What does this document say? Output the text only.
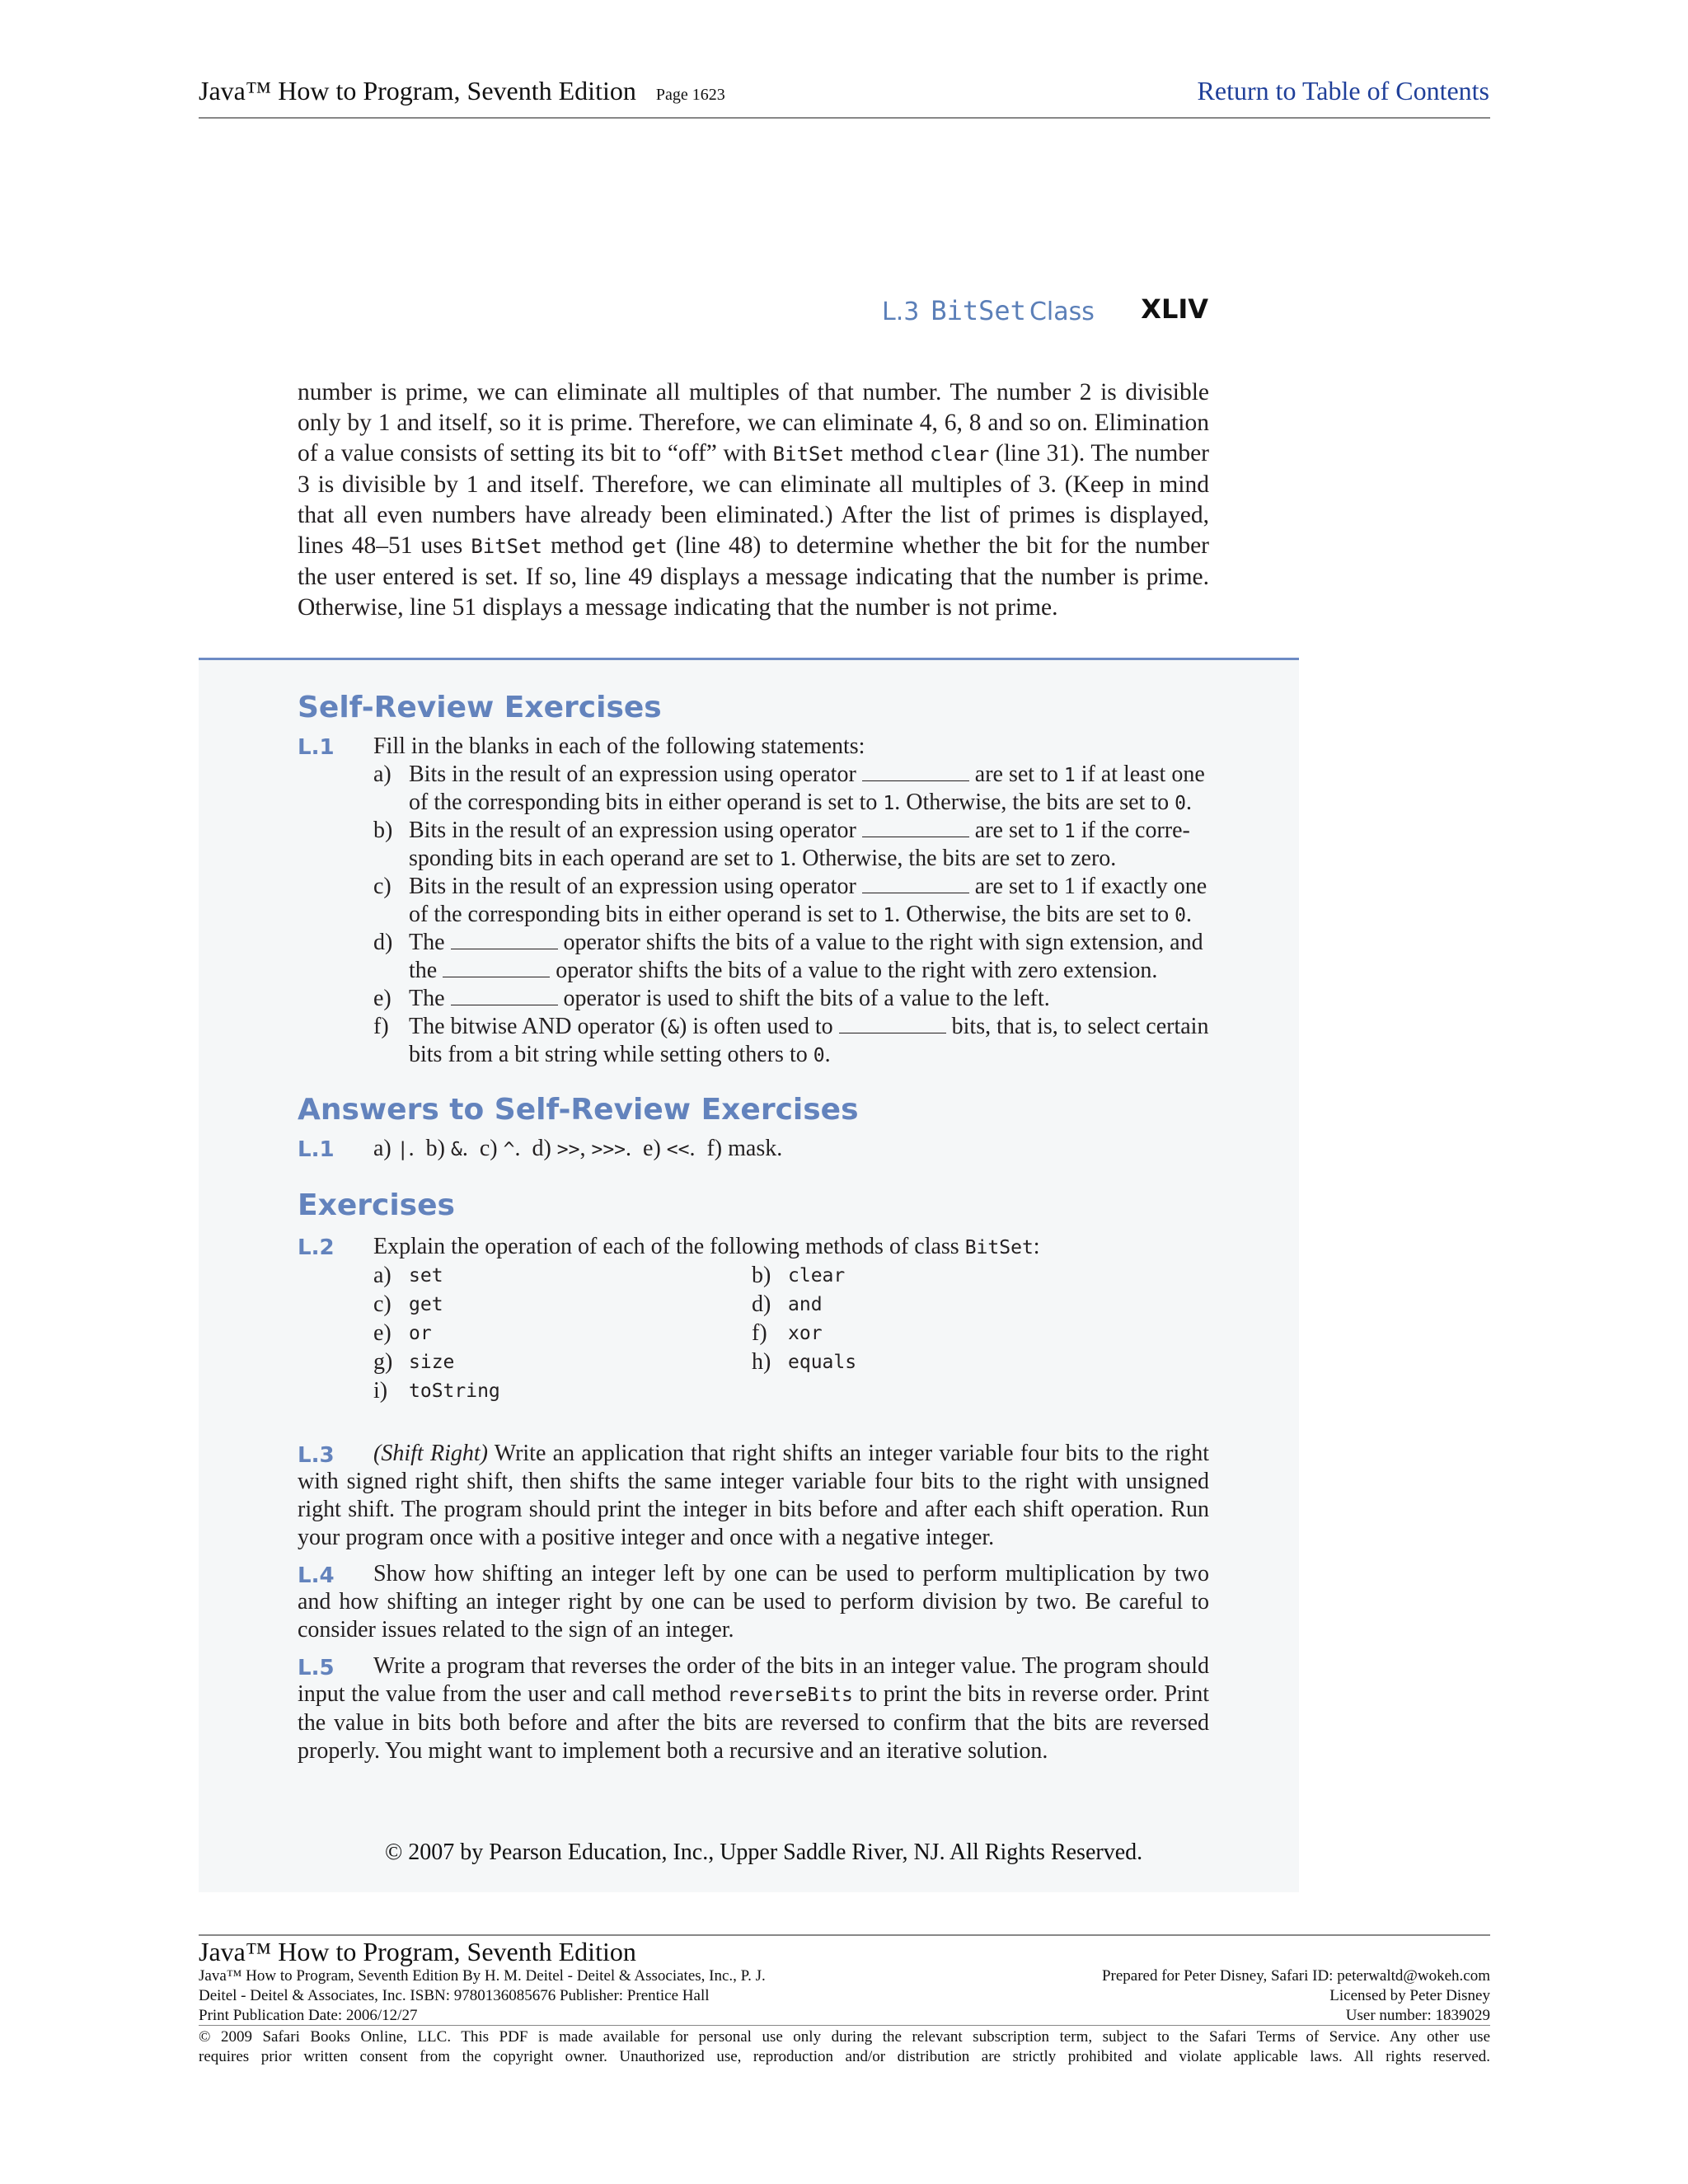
Java™ How to Program, Seventh Edition Page 1623	Return to Table of Contents
L.3 BitSet Class XLIV
number is prime, we can eliminate all multiples of that number. The number 2 is divisible only by 1 and itself, so it is prime. Therefore, we can eliminate 4, 6, 8 and so on. Elimination of a value consists of setting its bit to “off” with BitSet method clear (line 31). The number 3 is divisible by 1 and itself. Therefore, we can eliminate all multiples of 3. (Keep in mind that all even numbers have already been eliminated.) After the list of primes is displayed, lines 48–51 uses BitSet method get (line 48) to determine whether the bit for the number the user entered is set. If so, line 49 displays a message indicating that the number is prime. Otherwise, line 51 displays a message indicating that the number is not prime.
Self-Review Exercises
L.1 Fill in the blanks in each of the following statements:
a) Bits in the result of an expression using operator	are set to 1 if at least one
of the corresponding bits in either operand is set to 1. Otherwise, the bits are set to 0.
b) Bits in the result of an expression using operator	are set to 1 if the corre-
sponding bits in each operand are set to 1. Otherwise, the bits are set to zero.
c) Bits in the result of an expression using operator	are set to 1 if exactly one
of the corresponding bits in either operand is set to 1. Otherwise, the bits are set to 0.
d) The	operator shifts the bits of a value to the right with sign extension, and
the	operator shifts the bits of a value to the right with zero extension.
e) The	operator is used to shift the bits of a value to the left.
f) The bitwise AND operator (&) is often used to	bits, that is, to select certain
bits from a bit string while setting others to 0.
Answers to Self-Review Exercises
L.1 a) |.  b) &.  c) ^.  d) >>, >>>.  e) <<.  f) mask.
Exercises
L.2 Explain the operation of each of the following methods of class BitSet:
a) set	b) clear
c) get	d) and
e) or	f) xor
g) size	h) equals
i) toString
L.3 (Shift Right) Write an application that right shifts an integer variable four bits to the right with signed right shift, then shifts the same integer variable four bits to the right with unsigned right shift. The program should print the integer in bits before and after each shift operation. Run your program once with a positive integer and once with a negative integer.
L.4 Show how shifting an integer left by one can be used to perform multiplication by two and how shifting an integer right by one can be used to perform division by two. Be careful to consider issues related to the sign of an integer.
L.5 Write a program that reverses the order of the bits in an integer value. The program should input the value from the user and call method reverseBits to print the bits in reverse order. Print the value in bits both before and after the bits are reversed to confirm that the bits are reversed properly. You might want to implement both a recursive and an iterative solution.
© 2007 by Pearson Education, Inc., Upper Saddle River, NJ. All Rights Reserved.
Java™ How to Program, Seventh Edition
Java™ How to Program, Seventh Edition By H. M. Deitel - Deitel & Associates, Inc., P. J.
Deitel - Deitel & Associates, Inc. ISBN: 9780136085676 Publisher: Prentice Hall
Print Publication Date: 2006/12/27
Prepared for Peter Disney, Safari ID: peterwaltd@wokeh.com
Licensed by Peter Disney
User number: 1839029
© 2009 Safari Books Online, LLC. This PDF is made available for personal use only during the relevant subscription term, subject to the Safari Terms of Service. Any other use
requires prior written consent from the copyright owner. Unauthorized use, reproduction and/or distribution are strictly prohibited and violate applicable laws. All rights reserved.
